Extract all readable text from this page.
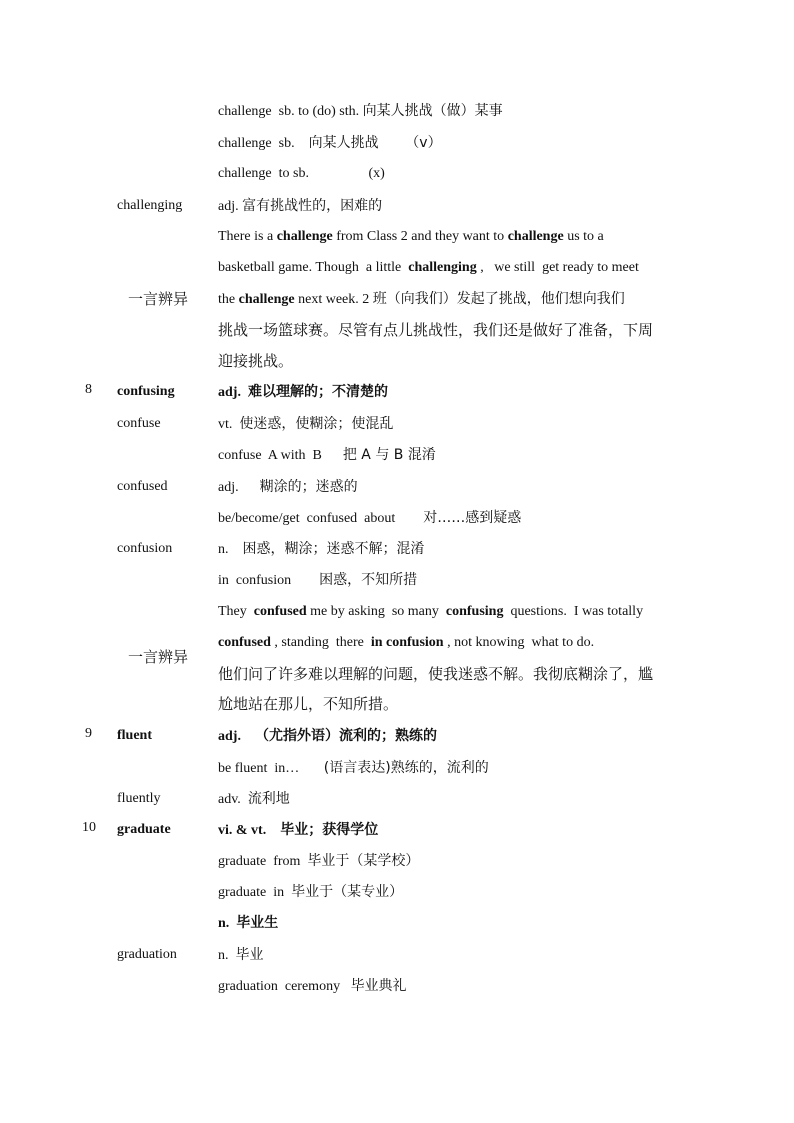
challenge  sb. to (do) sth. 向某人挑战（做）某事
challenge  sb.    向某人挑战      （v）
challenge  to sb.                 (x)
challenging	adj. 富有挑战性的，困难的
There is a challenge from Class 2 and they want to challenge us to a
basketball game. Though  a little  challenging ,   we still  get ready to meet
一言辨异 the challenge next week. 2 班（向我们）发起了挑战，他们想向我们
挑战一场篮球赛。尽管有点儿挑战性，我们还是做好了准备，下周
迎接挑战。
8 confusing	adj.  难以理解的；不清楚的
confuse	vt.  使迷惑，使糊涂；使混乱
confuse  A with  B      把 A 与 B 混淆
confused	adj.      糊涂的；迷惑的
be/become/get  confused  about        对……感到疑惑
confusion	n.    困惑，糊涂；迷惑不解；混淆
in  confusion        困惑，不知所措
They  confused me by asking  so many  confusing  questions.  I was totally
confused , standing  there  in confusion , not knowing  what to do.
一言辨异
他们问了许多难以理解的问题，使我迷惑不解。我彻底糊涂了，尴
尬地站在那儿，不知所措。
9 fluent	adj.    （尤指外语）流利的；熟练的
be fluent  in…       (语言表达)熟练的，流利的
fluently	adv.  流利地
10 graduate	vi. & vt.    毕业；获得学位
graduate  from  毕业于（某学校）
graduate  in  毕业于（某专业）
n.  毕业生
graduation	n.  毕业
graduation  ceremony   毕业典礼
